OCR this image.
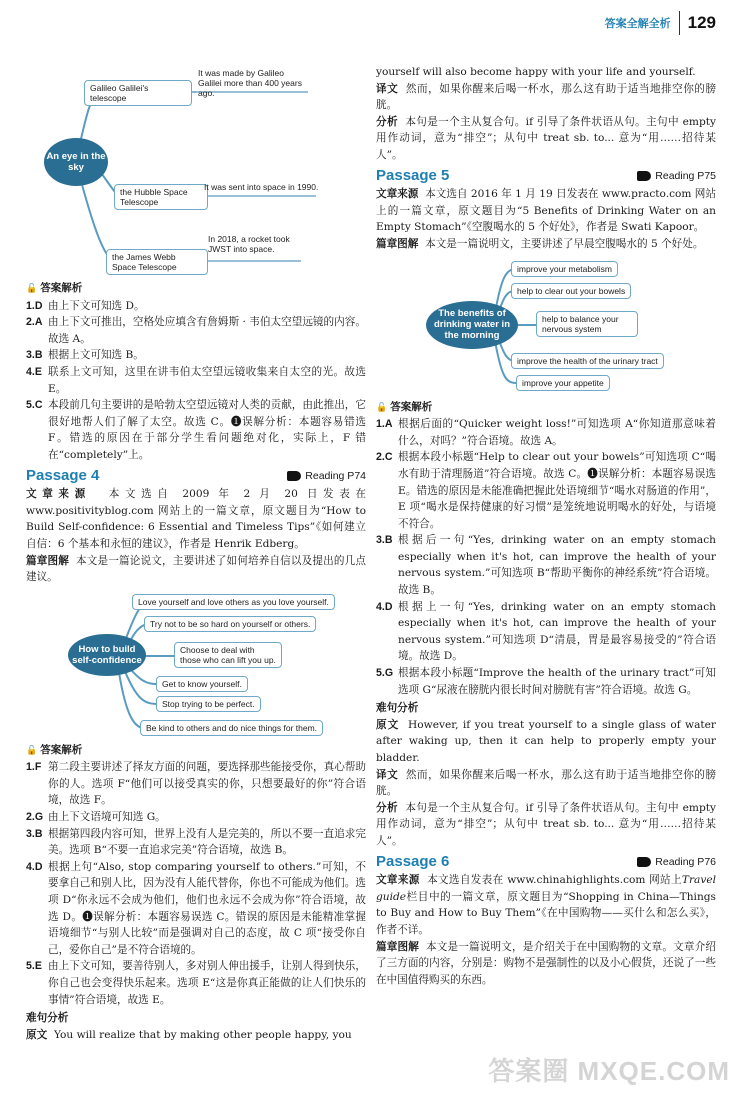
答案全解全析 129
An eye in the sky
Galileo Galilei's telescope
the Hubble Space Telescope
the James Webb Space Telescope
It was made by Galileo Galilei more than 400 years ago.
It was sent into space in 1990.
In 2018, a rocket took JWST into space.
🔓 答案解析
1.D 由上下文可知选 D。
2.A 由上下文可推出，空格处应填含有詹姆斯 · 韦伯太空望远镜的内容。故选 A。
3.B 根据上文可知选 B。
4.E 联系上文可知，这里在讲韦伯太空望远镜收集来自太空的光。故选 E。
5.C 本段前几句主要讲的是哈勃太空望远镜对人类的贡献，由此推出，它很好地帮人们了解了太空。故选 C。❶误解分析：本题容易错选 F。错选的原因在于部分学生看问题绝对化，实际上，F 错在“completely”上。
Passage 4	Reading P74
文章来源 本文选自 2009 年 2 月 20 日发表在 www.positivityblog.com 网站上的一篇文章，原文题目为“How to Build Self-confidence: 6 Essential and Timeless Tips”《如何建立自信：6 个基本和永恒的建议》，作者是 Henrik Edberg。
篇章图解 本文是一篇论说文，主要讲述了如何培养自信以及提出的几点建议。
How to build self-confidence
Love yourself and love others as you love yourself.
Try not to be so hard on yourself or others.
Choose to deal with those who can lift you up.
Get to know yourself.
Stop trying to be perfect.
Be kind to others and do nice things for them.
🔓 答案解析
1.F 第二段主要讲述了择友方面的问题，要选择那些能接受你，真心帮助你的人。选项 F“他们可以接受真实的你，只想要最好的你”符合语境，故选 F。
2.G 由上下文语境可知选 G。
3.B 根据第四段内容可知，世界上没有人是完美的，所以不要一直追求完美。选项 B“不要一直追求完美”符合语境，故选 B。
4.D 根据上句“Also, stop comparing yourself to others.”可知，不要拿自己和别人比，因为没有人能代替你，你也不可能成为他们。选项 D“你永远不会成为他们，他们也永远不会成为你”符合语境，故选 D。❶误解分析：本题容易误选 C。错误的原因是未能精准掌握语境细节“与别人比较”而是强调对自己的态度，故 C 项“接受你自己，爱你自己”是不符合语境的。
5.E 由上下文可知，要善待别人，多对别人伸出援手，让别人得到快乐，你自己也会变得快乐起来。选项 E“这是你真正能做的让人们快乐的事情”符合语境，故选 E。
难句分析
原文 You will realize that by making other people happy, you
yourself will also become happy with your life and yourself.
译文 然而，如果你醒来后喝一杯水，那么这有助于适当地排空你的膀胱。
分析 本句是一个主从复合句。if 引导了条件状语从句。主句中 empty 用作动词，意为“排空”；从句中 treat sb. to... 意为“用……招待某人”。
Passage 5	Reading P75
文章来源 本文选自 2016 年 1 月 19 日发表在 www.practo.com 网站上的一篇文章，原文题目为“5 Benefits of Drinking Water on an Empty Stomach”《空腹喝水的 5 个好处》，作者是 Swati Kapoor。
篇章图解 本文是一篇说明文，主要讲述了早晨空腹喝水的 5 个好处。
The benefits of drinking water in the morning
improve your metabolism
help to clear out your bowels
help to balance your nervous system
improve the health of the urinary tract
improve your appetite
🔓 答案解析
1.A 根据后面的“Quicker weight loss!”可知选项 A“你知道那意味着什么，对吗？”符合语境。故选 A。
2.C 根据本段小标题“Help to clear out your bowels”可知选项 C“喝水有助于清理肠道”符合语境。故选 C。❶误解分析：本题容易误选 E。错选的原因是未能准确把握此处语境细节“喝水对肠道的作用”，E 项“喝水是保持健康的好习惯”是笼统地说明喝水的好处，与语境不符合。
3.B 根据后一句“Yes, drinking water on an empty stomach especially when it's hot, can improve the health of your nervous system.”可知选项 B“帮助平衡你的神经系统”符合语境。故选 B。
4.D 根据上一句“Yes, drinking water on an empty stomach especially when it's hot, can improve the health of your nervous system.”可知选项 D“清晨，胃是最容易接受的”符合语境。故选 D。
5.G 根据本段小标题“Improve the health of the urinary tract”可知选项 G“尿液在膀胱内很长时间对膀胱有害”符合语境。故选 G。
难句分析
原文 However, if you treat yourself to a single glass of water after waking up, then it can help to properly empty your bladder.
译文 然而，如果你醒来后喝一杯水，那么这有助于适当地排空你的膀胱。
分析 本句是一个主从复合句。if 引导了条件状语从句。主句中 empty 用作动词，意为“排空”；从句中 treat sb. to... 意为“用……招待某人”。
Passage 6	Reading P76
文章来源 本文选自发表在 www.chinahighlights.com 网站上Travel guide栏目中的一篇文章，原文题目为“Shopping in China—Things to Buy and How to Buy Them”《在中国购物——买什么和怎么买》，作者不详。
篇章图解 本文是一篇说明文，是介绍关于在中国购物的文章。文章介绍了三方面的内容，分别是：购物不是强制性的以及小心假货，还说了一些在中国值得购买的东西。
答案圈 MXQE.COM
